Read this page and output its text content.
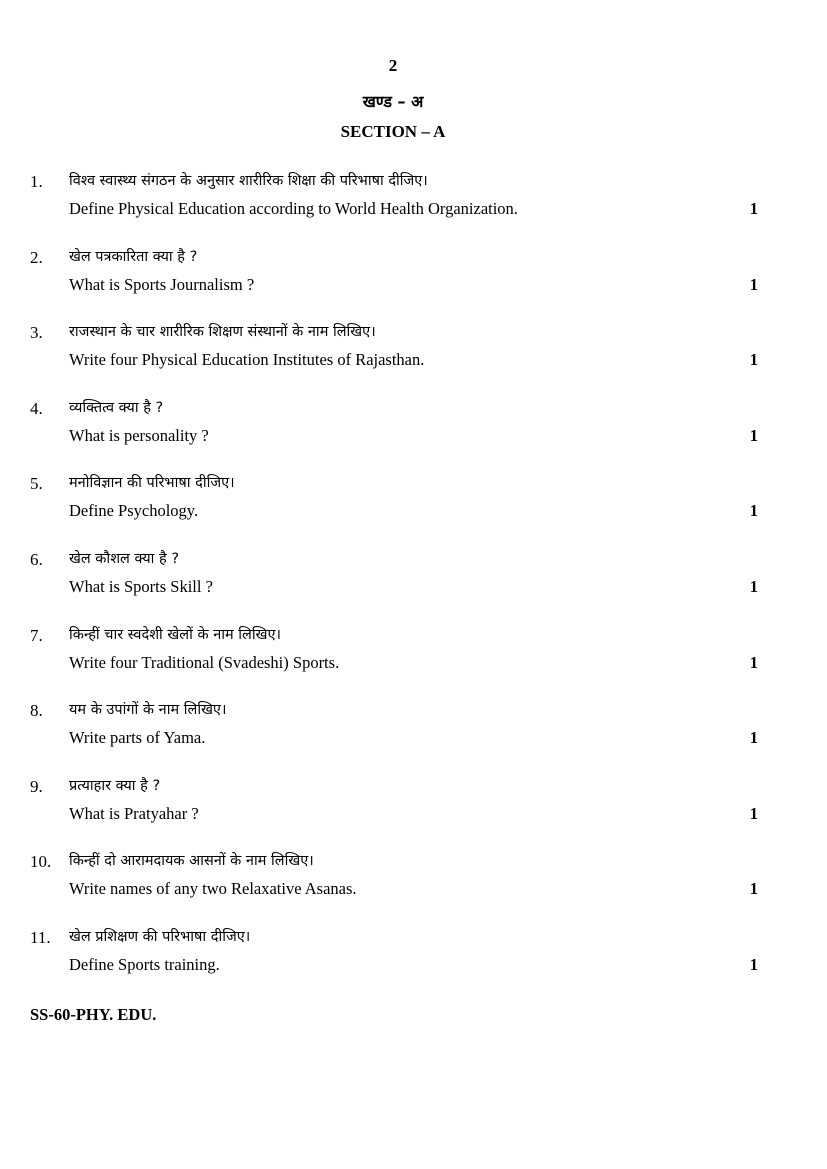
2
खण्ड – अ
SECTION – A
1. विश्व स्वास्थ्य संगठन के अनुसार शारीरिक शिक्षा की परिभाषा दीजिए।
Define Physical Education according to World Health Organization.	1
2. खेल पत्रकारिता क्या है ?
What is Sports Journalism ?	1
3. राजस्थान के चार शारीरिक शिक्षण संस्थानों के नाम लिखिए।
Write four Physical Education Institutes of Rajasthan.	1
4. व्यक्तित्व क्या है ?
What is personality ?	1
5. मनोविज्ञान की परिभाषा दीजिए।
Define Psychology.	1
6. खेल कौशल क्या है ?
What is Sports Skill ?	1
7. किन्हीं चार स्वदेशी खेलों के नाम लिखिए।
Write four Traditional (Svadeshi) Sports.	1
8. यम के उपांगों के नाम लिखिए।
Write parts of Yama.	1
9. प्रत्याहार क्या है ?
What is Pratyahar ?	1
10. किन्हीं दो आरामदायक आसनों के नाम लिखिए।
Write names of any two Relaxative Asanas.	1
11. खेल प्रशिक्षण की परिभाषा दीजिए।
Define Sports training.	1
SS-60-PHY. EDU.
